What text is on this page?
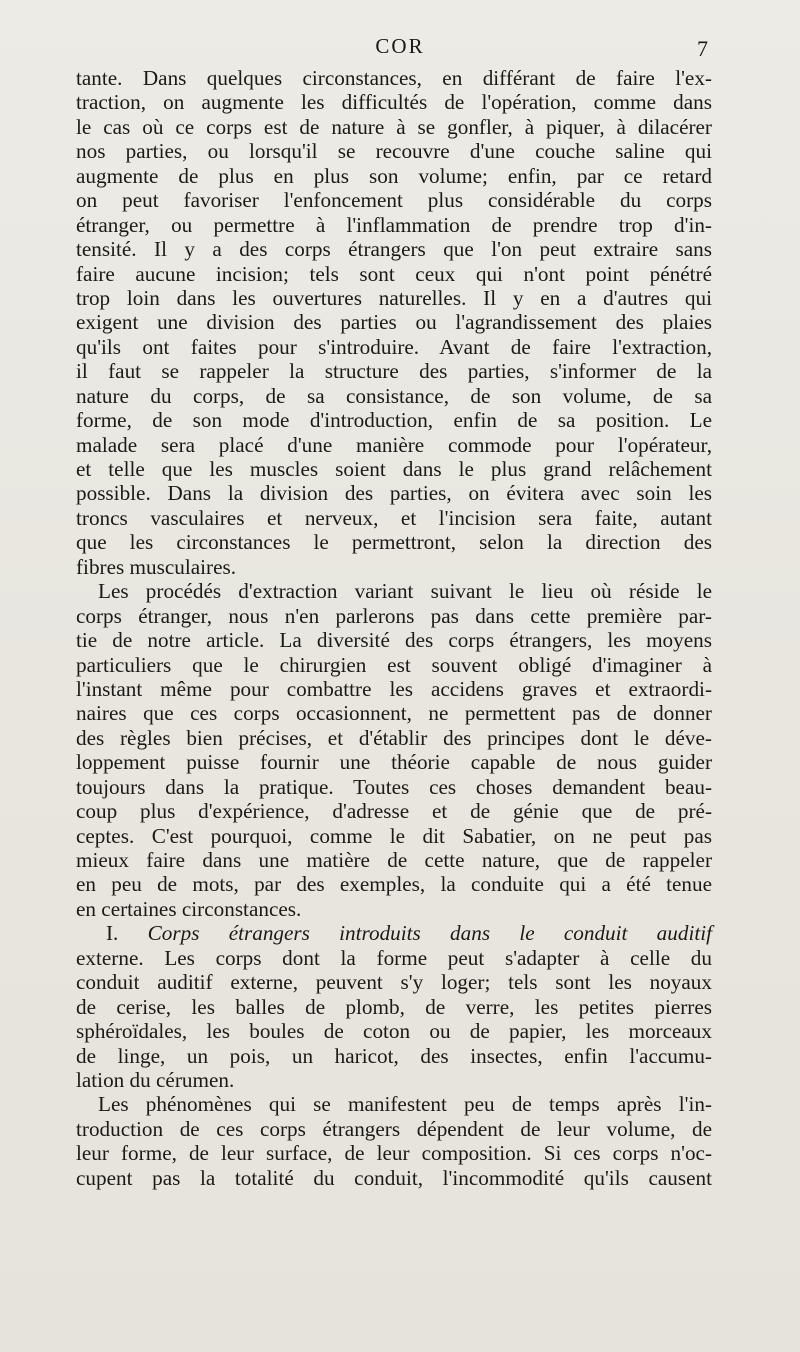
COR	7
tante. Dans quelques circonstances, en différant de faire l'ex-
traction, on augmente les difficultés de l'opération, comme dans
le cas où ce corps est de nature à se gonfler, à piquer, à dilacérer
nos parties, ou lorsqu'il se recouvre d'une couche saline qui
augmente de plus en plus son volume; enfin, par ce retard
on peut favoriser l'enfoncement plus considérable du corps
étranger, ou permettre à l'inflammation de prendre trop d'in-
tensité. Il y a des corps étrangers que l'on peut extraire sans
faire aucune incision; tels sont ceux qui n'ont point pénétré
trop loin dans les ouvertures naturelles. Il y en a d'autres qui
exigent une division des parties ou l'agrandissement des plaies
qu'ils ont faites pour s'introduire. Avant de faire l'extraction,
il faut se rappeler la structure des parties, s'informer de la
nature du corps, de sa consistance, de son volume, de sa
forme, de son mode d'introduction, enfin de sa position. Le
malade sera placé d'une manière commode pour l'opérateur,
et telle que les muscles soient dans le plus grand relâchement
possible. Dans la division des parties, on évitera avec soin les
troncs vasculaires et nerveux, et l'incision sera faite, autant
que les circonstances le permettront, selon la direction des
fibres musculaires.
Les procédés d'extraction variant suivant le lieu où réside le
corps étranger, nous n'en parlerons pas dans cette première par-
tie de notre article. La diversité des corps étrangers, les moyens
particuliers que le chirurgien est souvent obligé d'imaginer à
l'instant même pour combattre les accidens graves et extraordi-
naires que ces corps occasionnent, ne permettent pas de donner
des règles bien précises, et d'établir des principes dont le déve-
loppement puisse fournir une théorie capable de nous guider
toujours dans la pratique. Toutes ces choses demandent beau-
coup plus d'expérience, d'adresse et de génie que de pré-
ceptes. C'est pourquoi, comme le dit Sabatier, on ne peut pas
mieux faire dans une matière de cette nature, que de rappeler
en peu de mots, par des exemples, la conduite qui a été tenue
en certaines circonstances.
I. Corps étrangers introduits dans le conduit auditif
externe. Les corps dont la forme peut s'adapter à celle du
conduit auditif externe, peuvent s'y loger; tels sont les noyaux
de cerise, les balles de plomb, de verre, les petites pierres
sphéroïdales, les boules de coton ou de papier, les morceaux
de linge, un pois, un haricot, des insectes, enfin l'accumu-
lation du cérumen.
Les phénomènes qui se manifestent peu de temps après l'in-
troduction de ces corps étrangers dépendent de leur volume, de
leur forme, de leur surface, de leur composition. Si ces corps n'oc-
cupent pas la totalité du conduit, l'incommodité qu'ils causent
